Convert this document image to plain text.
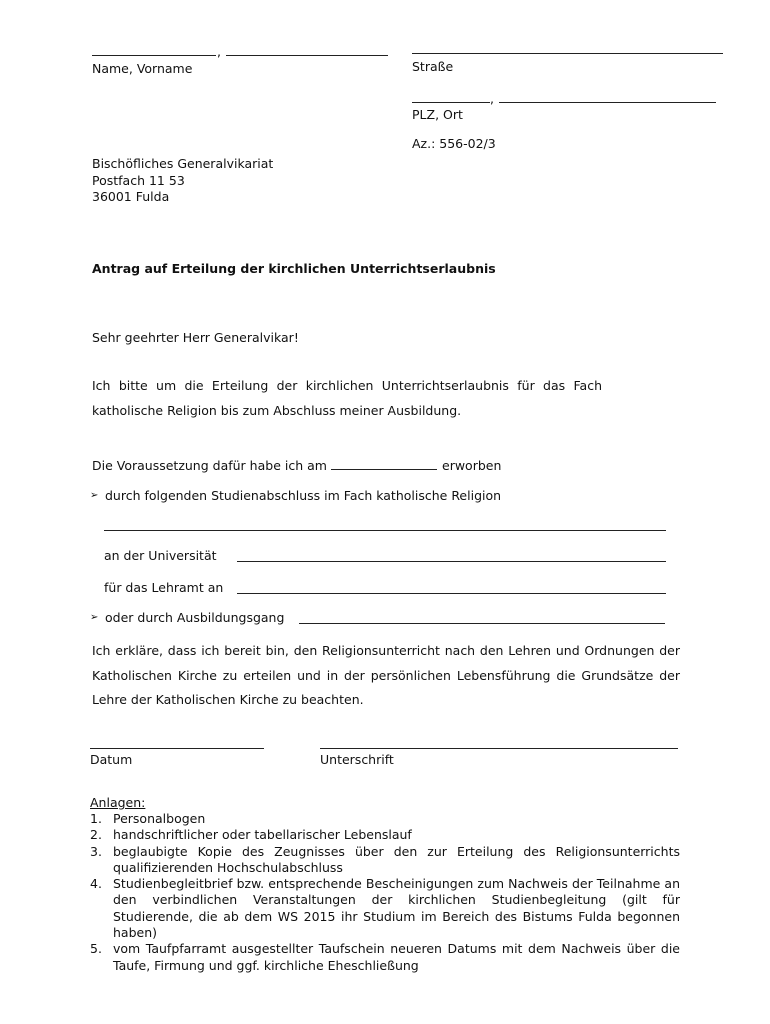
,
Name, Vorname	Straße
,
PLZ, Ort
Az.: 556-02/3
Bischöfliches Generalvikariat
Postfach 11 53
36001 Fulda
Antrag auf Erteilung der kirchlichen Unterrichtserlaubnis
Sehr geehrter Herr Generalvikar!
Ich bitte um die Erteilung der kirchlichen Unterrichtserlaubnis für das Fach
katholische Religion bis zum Abschluss meiner Ausbildung.
Die Voraussetzung dafür habe ich am	erworben
➢ durch folgenden Studienabschluss im Fach katholische Religion
an der Universität
für das Lehramt an
➢ oder durch Ausbildungsgang
Ich erkläre, dass ich bereit bin, den Religionsunterricht nach den Lehren und Ordnungen der
Katholischen Kirche zu erteilen und in der persönlichen Lebensführung die Grundsätze der
Lehre der Katholischen Kirche zu beachten.
Datum	Unterschrift
Anlagen:
1. Personalbogen
2. handschriftlicher oder tabellarischer Lebenslauf
3. beglaubigte Kopie des Zeugnisses über den zur Erteilung des Religionsunterrichts qualifizierenden Hochschulabschluss
4. Studienbegleitbrief bzw. entsprechende Bescheinigungen zum Nachweis der Teilnahme an den verbindlichen Veranstaltungen der kirchlichen Studienbegleitung (gilt für Studierende, die ab dem WS 2015 ihr Studium im Bereich des Bistums Fulda begonnen haben)
5. vom Taufpfarramt ausgestellter Taufschein neueren Datums mit dem Nachweis über die Taufe, Firmung und ggf. kirchliche Eheschließung
